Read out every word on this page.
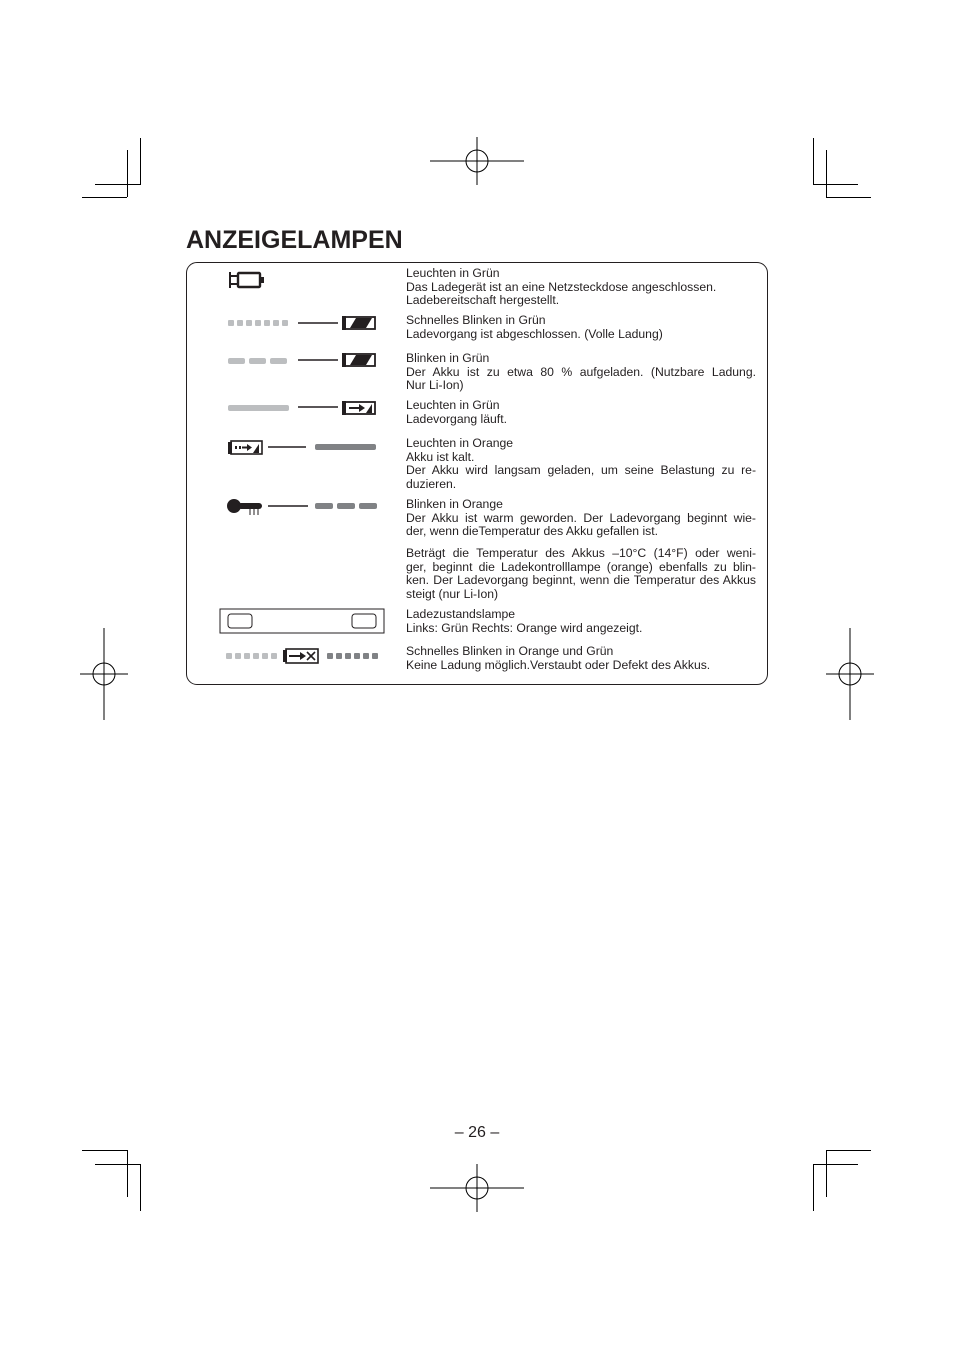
ANZEIGELAMPEN
Leuchten in Grün
Das Ladegerät ist an eine Netzsteckdose angeschlossen.
Ladebereitschaft hergestellt.
Schnelles Blinken in Grün
Ladevorgang ist abgeschlossen. (Volle Ladung)
Blinken in Grün
Der Akku ist zu etwa 80 % aufgeladen. (Nutzbare Ladung.
Nur Li-Ion)
Leuchten in Grün
Ladevorgang läuft.
Leuchten in Orange
Akku ist kalt.
Der Akku wird langsam geladen, um seine Belastung zu re-
duzieren.
Blinken in Orange
Der Akku ist warm geworden. Der Ladevorgang beginnt wie-
der, wenn dieTemperatur des Akku gefallen ist.
Beträgt die Temperatur des Akkus –10°C (14°F) oder weni-
ger, beginnt die Ladekontrolllampe (orange) ebenfalls zu blin-
ken. Der Ladevorgang beginnt, wenn die Temperatur des Akkus
steigt (nur Li-Ion)
Ladezustandslampe
Links: Grün Rechts: Orange wird angezeigt.
Schnelles Blinken in Orange und Grün
Keine Ladung möglich.Verstaubt oder Defekt des Akkus.
– 26 –
